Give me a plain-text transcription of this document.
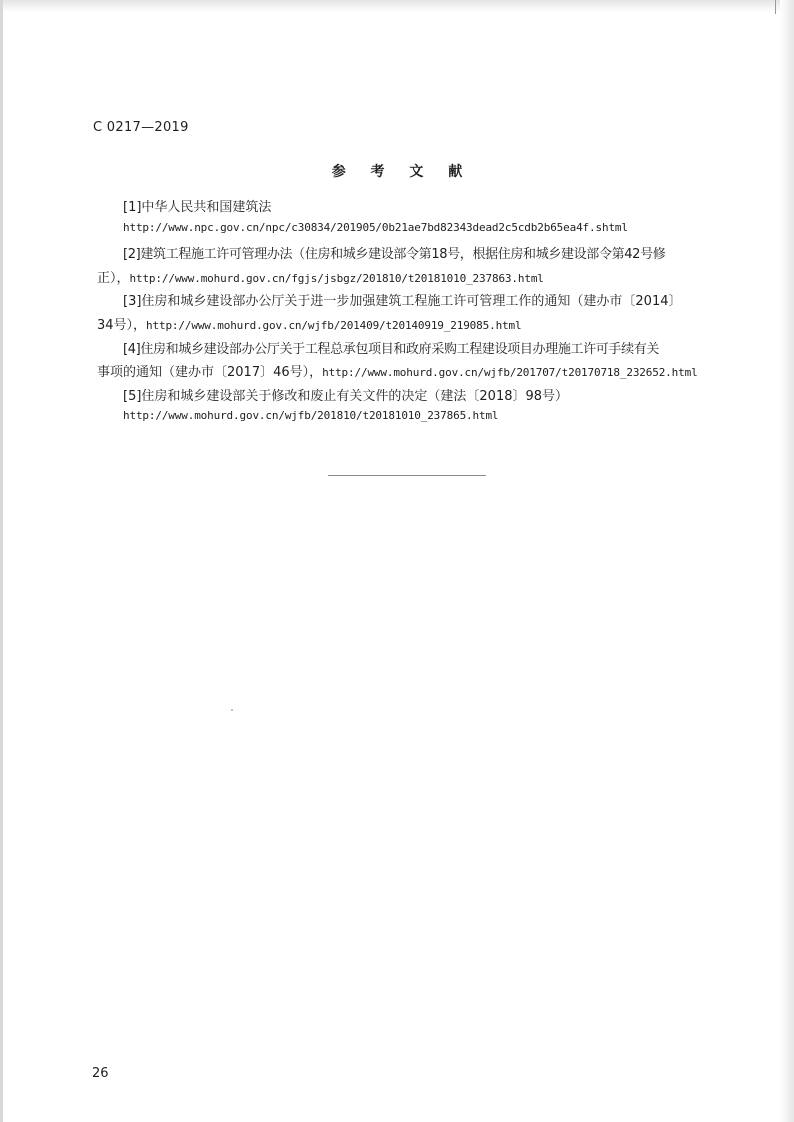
C 0217—2019
参 考 文 献
[1]中华人民共和国建筑法
http://www.npc.gov.cn/npc/c30834/201905/0b21ae7bd82343dead2c5cdb2b65ea4f.shtml
[2]建筑工程施工许可管理办法（住房和城乡建设部令第18号，根据住房和城乡建设部令第42号修
正），http://www.mohurd.gov.cn/fgjs/jsbgz/201810/t20181010_237863.html
[3]住房和城乡建设部办公厅关于进一步加强建筑工程施工许可管理工作的通知（建办市〔2014〕
34号），http://www.mohurd.gov.cn/wjfb/201409/t20140919_219085.html
[4]住房和城乡建设部办公厅关于工程总承包项目和政府采购工程建设项目办理施工许可手续有关
事项的通知（建办市〔2017〕46号），http://www.mohurd.gov.cn/wjfb/201707/t20170718_232652.html
[5]住房和城乡建设部关于修改和废止有关文件的决定（建法〔2018〕98号）
http://www.mohurd.gov.cn/wjfb/201810/t20181010_237865.html
26
